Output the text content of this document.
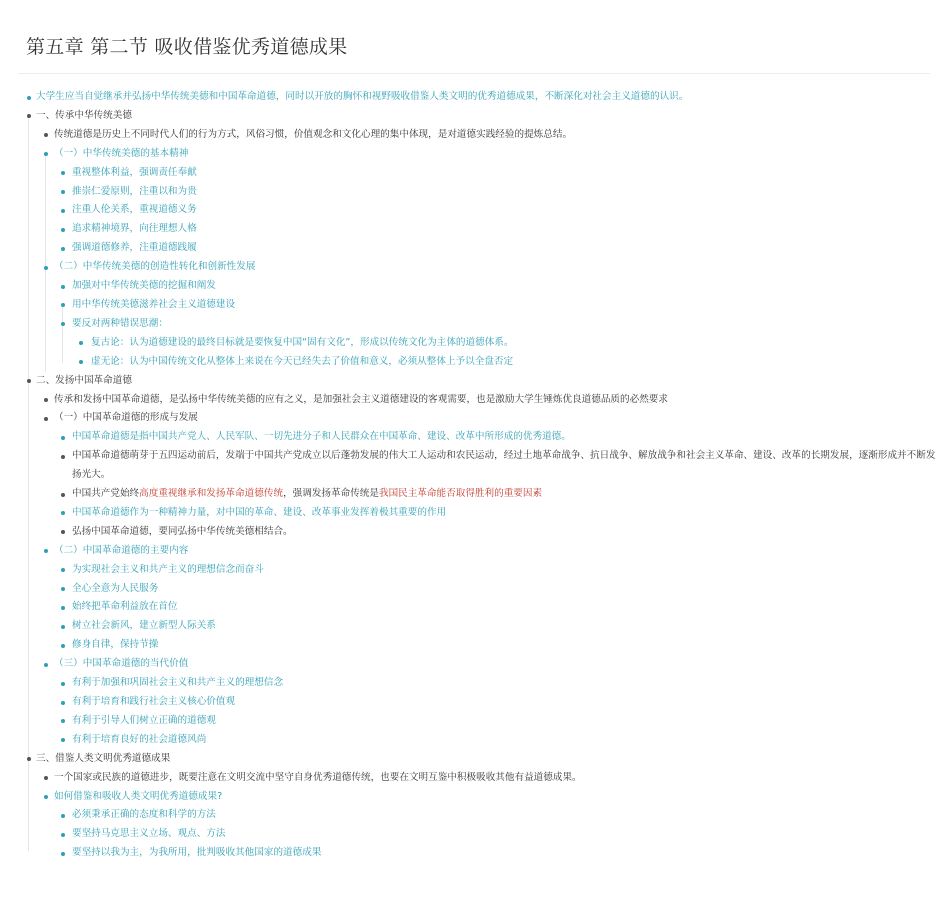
第五章 第二节 吸收借鉴优秀道德成果
大学生应当自觉继承并弘扬中华传统美德和中国革命道德，同时以开放的胸怀和视野吸收借鉴人类文明的优秀道德成果，不断深化对社会主义道德的认识。
一、传承中华传统美德
传统道德是历史上不同时代人们的行为方式，风俗习惯，价值观念和文化心理的集中体现，是对道德实践经验的提炼总结。
（一）中华传统美德的基本精神
重视整体利益，强调责任奉献
推崇仁爱原则，注重以和为贵
注重人伦关系，重视道德义务
追求精神境界，向往理想人格
强调道德修养，注重道德践履
（二）中华传统美德的创造性转化和创新性发展
加强对中华传统美德的挖掘和阐发
用中华传统美德滋养社会主义道德建设
要反对两种错误思潮：
复古论：认为道德建设的最终目标就是要恢复中国“固有文化”，形成以传统文化为主体的道德体系。
虚无论：认为中国传统文化从整体上来说在今天已经失去了价值和意义，必须从整体上予以全盘否定
二、发扬中国革命道德
传承和发扬中国革命道德，是弘扬中华传统美德的应有之义，是加强社会主义道德建设的客观需要，也是激励大学生锤炼优良道德品质的必然要求
（一）中国革命道德的形成与发展
中国革命道德是指中国共产党人、人民军队、一切先进分子和人民群众在中国革命、建设、改革中所形成的优秀道德。
中国革命道德萌芽于五四运动前后，发端于中国共产党成立以后蓬勃发展的伟大工人运动和农民运动，经过土地革命战争、抗日战争、解放战争和社会主义革命、建设、改革的长期发展，逐渐形成并不断发扬光大。
中国共产党始终高度重视继承和发扬革命道德传统，强调发扬革命传统是我国民主革命能否取得胜利的重要因素
中国革命道德作为一种精神力量，对中国的革命、建设、改革事业发挥着极其重要的作用
弘扬中国革命道德，要同弘扬中华传统美德相结合。
（二）中国革命道德的主要内容
为实现社会主义和共产主义的理想信念而奋斗
全心全意为人民服务
始终把革命利益放在首位
树立社会新风，建立新型人际关系
修身自律，保持节操
（三）中国革命道德的当代价值
有利于加强和巩固社会主义和共产主义的理想信念
有利于培育和践行社会主义核心价值观
有利于引导人们树立正确的道德观
有利于培育良好的社会道德风尚
三、借鉴人类文明优秀道德成果
一个国家或民族的道德进步，既要注意在文明交流中坚守自身优秀道德传统，也要在文明互鉴中积极吸收其他有益道德成果。
如何借鉴和吸收人类文明优秀道德成果?
必须秉承正确的态度和科学的方法
要坚持马克思主义立场、观点、方法
要坚持以我为主，为我所用，批判吸收其他国家的道德成果
